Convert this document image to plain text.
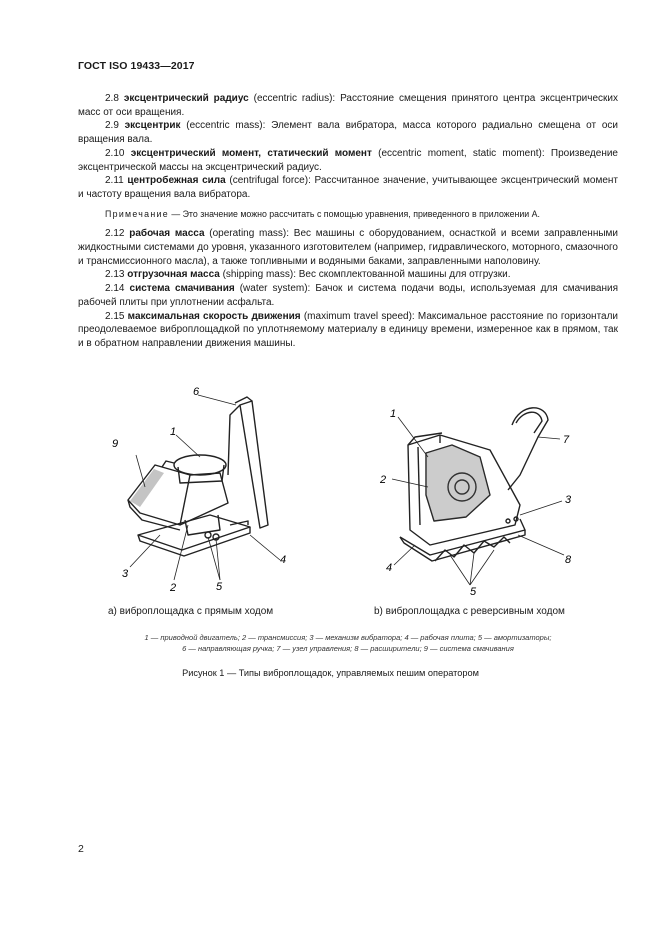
ГОСТ ISO 19433—2017

2.8 эксцентрический радиус (eccentric radius): Расстояние смещения принятого центра эксцентрических масс от оси вращения.

2.9 эксцентрик (eccentric mass): Элемент вала вибратора, масса которого радиально смещена от оси вращения вала.

2.10 эксцентрический момент, статический момент (eccentric moment, static moment): Произведение эксцентрической массы на эксцентрический радиус.

2.11 центробежная сила (centrifugal force): Рассчитанное значение, учитывающее эксцентрический момент и частоту вращения вала вибратора.

Примечание — Это значение можно рассчитать с помощью уравнения, приведенного в приложении А.

2.12 рабочая масса (operating mass): Вес машины с оборудованием, оснасткой и всеми заправленными жидкостными системами до уровня, указанного изготовителем (например, гидравлического, моторного, смазочного и трансмиссионного масла), а также топливными и водяными баками, заправленными наполовину.

2.13 отгрузочная масса (shipping mass): Вес скомплектованной машины для отгрузки.

2.14 система смачивания (water system): Бачок и система подачи воды, используемая для смачивания рабочей плиты при уплотнении асфальта.

2.15 максимальная скорость движения (maximum travel speed): Максимальное расстояние по горизонтали преодолеваемое виброплощадкой по уплотняемому материалу в единицу времени, измеренное как в прямом, так и в обратном направлении движения машины.

6
1
9
3
2	5
4
1
2
7
3
4
5
8
а) виброплощадка с прямым ходом	b) виброплощадка с реверсивным ходом
1 — приводной двигатель; 2 — трансмиссия; 3 — механизм вибратора; 4 — рабочая плита; 5 — амортизаторы;
6 — направляющая ручка; 7 — узел управления; 8 — расширители; 9 — система смачивания
Рисунок 1 — Типы виброплощадок, управляемых пешим оператором
2
